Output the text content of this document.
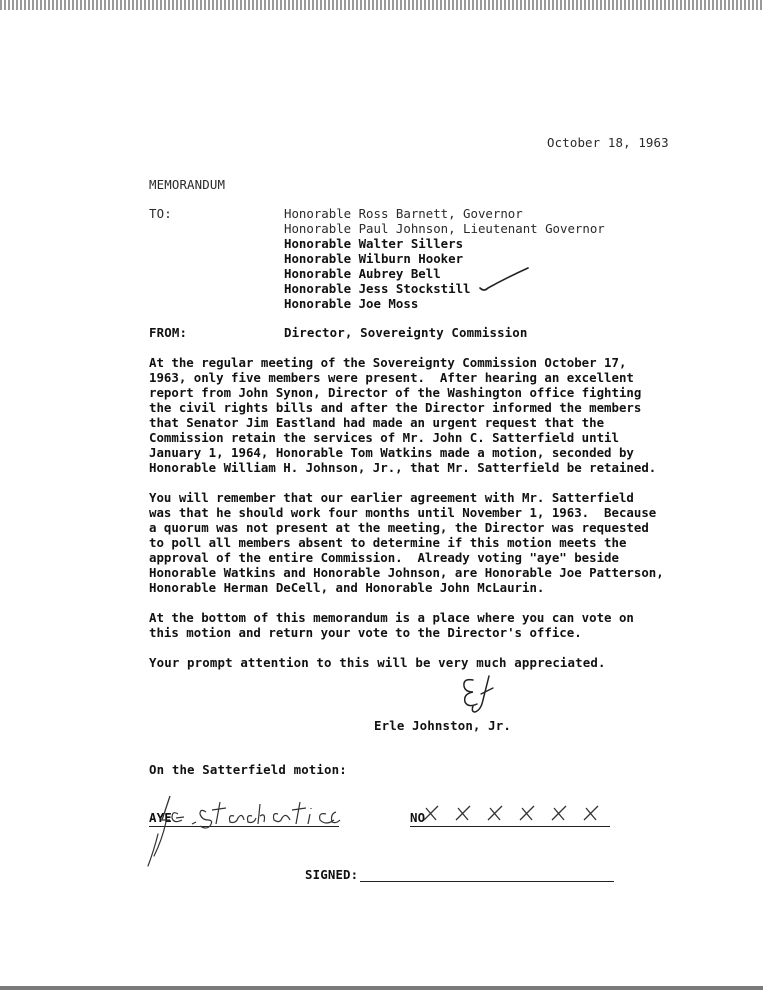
October 18, 1963
MEMORANDUM
TO:	Honorable Ross Barnett, Governor
Honorable Paul Johnson, Lieutenant Governor
Honorable Walter Sillers
Honorable Wilburn Hooker
Honorable Aubrey Bell
Honorable Jess Stockstill
Honorable Joe Moss
FROM:	Director, Sovereignty Commission
At the regular meeting of the Sovereignty Commission October 17,
1963, only five members were present.  After hearing an excellent
report from John Synon, Director of the Washington office fighting
the civil rights bills and after the Director informed the members
that Senator Jim Eastland had made an urgent request that the
Commission retain the services of Mr. John C. Satterfield until
January 1, 1964, Honorable Tom Watkins made a motion, seconded by
Honorable William H. Johnson, Jr., that Mr. Satterfield be retained.
You will remember that our earlier agreement with Mr. Satterfield
was that he should work four months until November 1, 1963.  Because
a quorum was not present at the meeting, the Director was requested
to poll all members absent to determine if this motion meets the
approval of the entire Commission.  Already voting "aye" beside
Honorable Watkins and Honorable Johnson, are Honorable Joe Patterson,
Honorable Herman DeCell, and Honorable John McLaurin.
At the bottom of this memorandum is a place where you can vote on
this motion and return your vote to the Director's office.
Your prompt attention to this will be very much appreciated.
Erle Johnston, Jr.
On the Satterfield motion:
AYE	NO
SIGNED:
